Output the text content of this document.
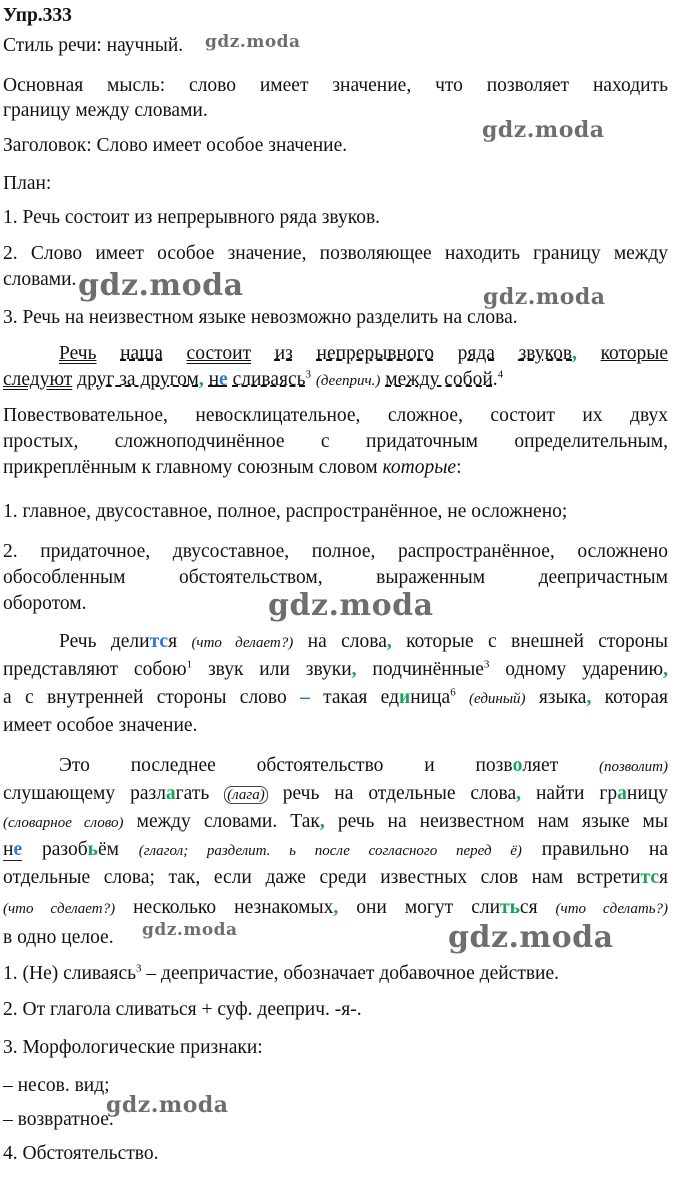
Упр.333
Стиль речи: научный.
Основная мысль: слово имеет значение, что позволяет находить
границу между словами.
Заголовок: Слово имеет особое значение.
План:
1. Речь состоит из непрерывного ряда звуков.
2. Слово имеет особое значение, позволяющее находить границу между
словами.
3. Речь на неизвестном языке невозможно разделить на слова.
Речь наша состоит из непрерывного ряда звуков, которые
следуют друг за другом, не сливаясь$^3$ (дееприч.) между собой.$^4$
Повествовательное, невосклицательное, сложное, состоит их двух
простых, сложноподчинённое с придаточным определительным,
прикреплённым к главному союзным словом которые:
1. главное, двусоставное, полное, распространённое, не осложнено;
2. придаточное, двусоставное, полное, распространённое, осложнено
обособленным обстоятельством, выраженным деепричастным
оборотом.
Речь делится (что делает?) на слова, которые с внешней стороны
представляют собою$^1$ звук или звуки, подчинённые$^3$ одному ударению,
а с внутренней стороны слово – такая единица$^6$ (единый) языка, которая
имеет особое значение.
Это последнее обстоятельство и позволяет (позволит)
слушающему разлагать (лага) речь на отдельные слова, найти границу
(словарное слово) между словами. Так, речь на неизвестном нам языке мы
не разобьём (глагол; разделит. ь после согласного перед ё) правильно на
отдельные слова; так, если даже среди известных слов нам встретится
(что сделает?) несколько незнакомых, они могут слиться (что сделать?)
в одно целое.
1. (Не) сливаясь$^3$ – деепричастие, обозначает добавочное действие.
2. От глагола сливаться + суф. дееприч. -я-.
3. Морфологические признаки:
– несов. вид;
– возвратное.
4. Обстоятельство.
gdz.moda
gdz.moda
gdz.moda	gdz.moda
gdz.moda
gdz.moda	gdz.moda
gdz.moda
